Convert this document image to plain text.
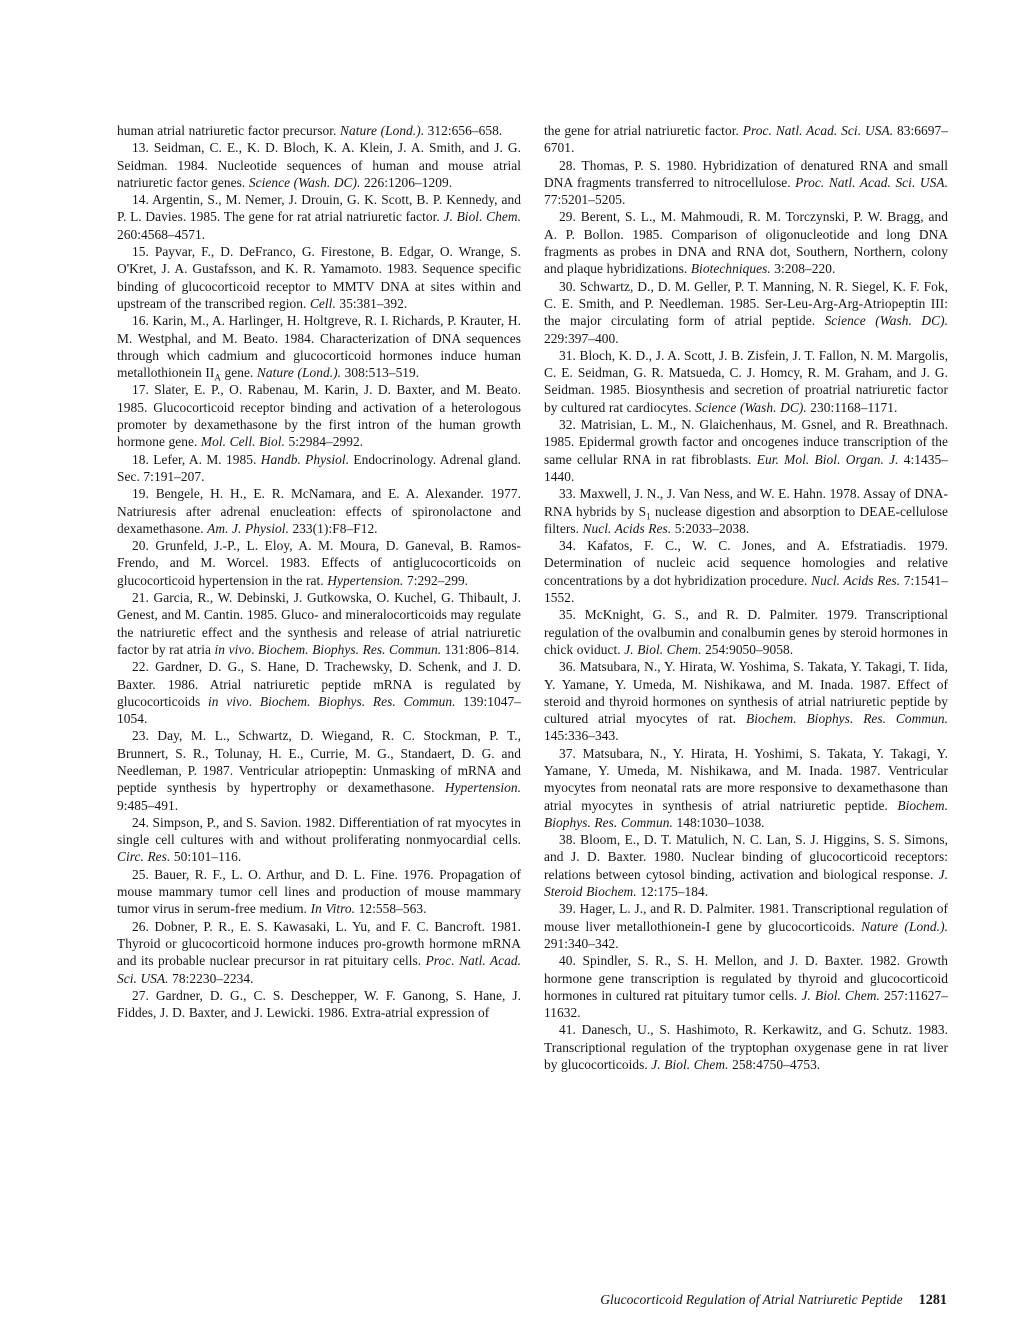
human atrial natriuretic factor precursor. Nature (Lond.). 312:656–658.

13. Seidman, C. E., K. D. Bloch, K. A. Klein, J. A. Smith, and J. G. Seidman. 1984. Nucleotide sequences of human and mouse atrial natriuretic factor genes. Science (Wash. DC). 226:1206–1209.

14. Argentin, S., M. Nemer, J. Drouin, G. K. Scott, B. P. Kennedy, and P. L. Davies. 1985. The gene for rat atrial natriuretic factor. J. Biol. Chem. 260:4568–4571.

15. Payvar, F., D. DeFranco, G. Firestone, B. Edgar, O. Wrange, S. O'Kret, J. A. Gustafsson, and K. R. Yamamoto. 1983. Sequence specific binding of glucocorticoid receptor to MMTV DNA at sites within and upstream of the transcribed region. Cell. 35:381–392.

16. Karin, M., A. Harlinger, H. Holtgreve, R. I. Richards, P. Krauter, H. M. Westphal, and M. Beato. 1984. Characterization of DNA sequences through which cadmium and glucocorticoid hormones induce human metallothionein $II_A$ gene. Nature (Lond.). 308:513–519.

17. Slater, E. P., O. Rabenau, M. Karin, J. D. Baxter, and M. Beato. 1985. Glucocorticoid receptor binding and activation of a heterologous promoter by dexamethasone by the first intron of the human growth hormone gene. Mol. Cell. Biol. 5:2984–2992.

18. Lefer, A. M. 1985. Handb. Physiol. Endocrinology. Adrenal gland. Sec. 7:191–207.

19. Bengele, H. H., E. R. McNamara, and E. A. Alexander. 1977. Natriuresis after adrenal enucleation: effects of spironolactone and dexamethasone. Am. J. Physiol. 233(1):F8–F12.

20. Grunfeld, J.-P., L. Eloy, A. M. Moura, D. Ganeval, B. Ramos-Frendo, and M. Worcel. 1983. Effects of antiglucocorticoids on glucocorticoid hypertension in the rat. Hypertension. 7:292–299.

21. Garcia, R., W. Debinski, J. Gutkowska, O. Kuchel, G. Thibault, J. Genest, and M. Cantin. 1985. Gluco- and mineralocorticoids may regulate the natriuretic effect and the synthesis and release of atrial natriuretic factor by rat atria in vivo. Biochem. Biophys. Res. Commun. 131:806–814.

22. Gardner, D. G., S. Hane, D. Trachewsky, D. Schenk, and J. D. Baxter. 1986. Atrial natriuretic peptide mRNA is regulated by glucocorticoids in vivo. Biochem. Biophys. Res. Commun. 139:1047–1054.

23. Day, M. L., Schwartz, D. Wiegand, R. C. Stockman, P. T., Brunnert, S. R., Tolunay, H. E., Currie, M. G., Standaert, D. G. and Needleman, P. 1987. Ventricular atriopeptin: Unmasking of mRNA and peptide synthesis by hypertrophy or dexamethasone. Hypertension. 9:485–491.

24. Simpson, P., and S. Savion. 1982. Differentiation of rat myocytes in single cell cultures with and without proliferating nonmyocardial cells. Circ. Res. 50:101–116.

25. Bauer, R. F., L. O. Arthur, and D. L. Fine. 1976. Propagation of mouse mammary tumor cell lines and production of mouse mammary tumor virus in serum-free medium. In Vitro. 12:558–563.

26. Dobner, P. R., E. S. Kawasaki, L. Yu, and F. C. Bancroft. 1981. Thyroid or glucocorticoid hormone induces pro-growth hormone mRNA and its probable nuclear precursor in rat pituitary cells. Proc. Natl. Acad. Sci. USA. 78:2230–2234.

27. Gardner, D. G., C. S. Deschepper, W. F. Ganong, S. Hane, J. Fiddes, J. D. Baxter, and J. Lewicki. 1986. Extra-atrial expression of

the gene for atrial natriuretic factor. Proc. Natl. Acad. Sci. USA. 83:6697–6701.

28. Thomas, P. S. 1980. Hybridization of denatured RNA and small DNA fragments transferred to nitrocellulose. Proc. Natl. Acad. Sci. USA. 77:5201–5205.

29. Berent, S. L., M. Mahmoudi, R. M. Torczynski, P. W. Bragg, and A. P. Bollon. 1985. Comparison of oligonucleotide and long DNA fragments as probes in DNA and RNA dot, Southern, Northern, colony and plaque hybridizations. Biotechniques. 3:208–220.

30. Schwartz, D., D. M. Geller, P. T. Manning, N. R. Siegel, K. F. Fok, C. E. Smith, and P. Needleman. 1985. Ser-Leu-Arg-Arg-Atriopeptin III: the major circulating form of atrial peptide. Science (Wash. DC). 229:397–400.

31. Bloch, K. D., J. A. Scott, J. B. Zisfein, J. T. Fallon, N. M. Margolis, C. E. Seidman, G. R. Matsueda, C. J. Homcy, R. M. Graham, and J. G. Seidman. 1985. Biosynthesis and secretion of proatrial natriuretic factor by cultured rat cardiocytes. Science (Wash. DC). 230:1168–1171.

32. Matrisian, L. M., N. Glaichenhaus, M. Gsnel, and R. Breathnach. 1985. Epidermal growth factor and oncogenes induce transcription of the same cellular RNA in rat fibroblasts. Eur. Mol. Biol. Organ. J. 4:1435–1440.

33. Maxwell, J. N., J. Van Ness, and W. E. Hahn. 1978. Assay of DNA-RNA hybrids by $S_1$ nuclease digestion and absorption to DEAE-cellulose filters. Nucl. Acids Res. 5:2033–2038.

34. Kafatos, F. C., W. C. Jones, and A. Efstratiadis. 1979. Determination of nucleic acid sequence homologies and relative concentrations by a dot hybridization procedure. Nucl. Acids Res. 7:1541–1552.

35. McKnight, G. S., and R. D. Palmiter. 1979. Transcriptional regulation of the ovalbumin and conalbumin genes by steroid hormones in chick oviduct. J. Biol. Chem. 254:9050–9058.

36. Matsubara, N., Y. Hirata, W. Yoshima, S. Takata, Y. Takagi, T. Iida, Y. Yamane, Y. Umeda, M. Nishikawa, and M. Inada. 1987. Effect of steroid and thyroid hormones on synthesis of atrial natriuretic peptide by cultured atrial myocytes of rat. Biochem. Biophys. Res. Commun. 145:336–343.

37. Matsubara, N., Y. Hirata, H. Yoshimi, S. Takata, Y. Takagi, Y. Yamane, Y. Umeda, M. Nishikawa, and M. Inada. 1987. Ventricular myocytes from neonatal rats are more responsive to dexamethasone than atrial myocytes in synthesis of atrial natriuretic peptide. Biochem. Biophys. Res. Commun. 148:1030–1038.

38. Bloom, E., D. T. Matulich, N. C. Lan, S. J. Higgins, S. S. Simons, and J. D. Baxter. 1980. Nuclear binding of glucocorticoid receptors: relations between cytosol binding, activation and biological response. J. Steroid Biochem. 12:175–184.

39. Hager, L. J., and R. D. Palmiter. 1981. Transcriptional regulation of mouse liver metallothionein-I gene by glucocorticoids. Nature (Lond.). 291:340–342.

40. Spindler, S. R., S. H. Mellon, and J. D. Baxter. 1982. Growth hormone gene transcription is regulated by thyroid and glucocorticoid hormones in cultured rat pituitary tumor cells. J. Biol. Chem. 257:11627–11632.

41. Danesch, U., S. Hashimoto, R. Kerkawitz, and G. Schutz. 1983. Transcriptional regulation of the tryptophan oxygenase gene in rat liver by glucocorticoids. J. Biol. Chem. 258:4750–4753.

Glucocorticoid Regulation of Atrial Natriuretic Peptide 1281
